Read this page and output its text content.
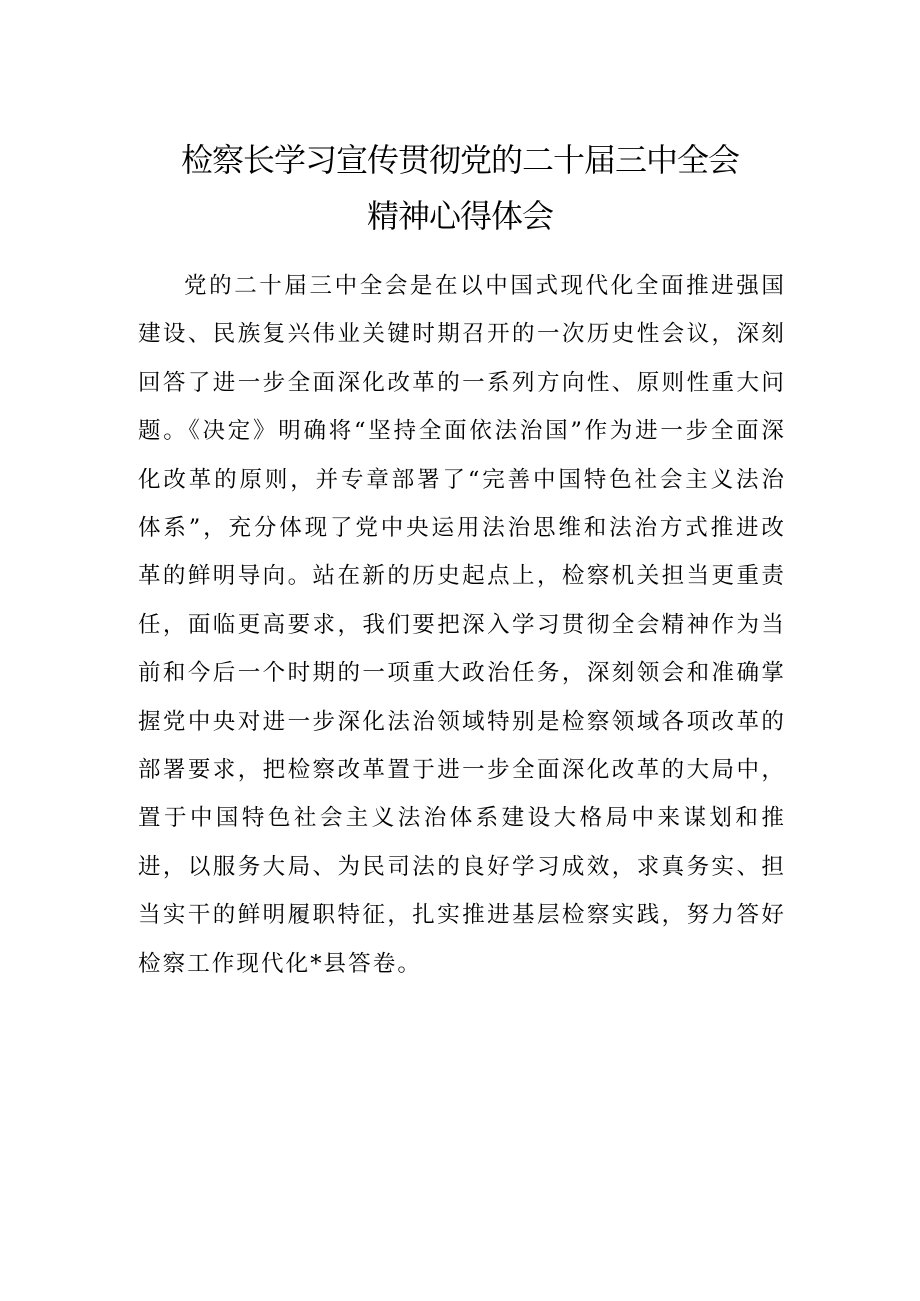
检察长学习宣传贯彻党的二十届三中全会
精神心得体会

党的二十届三中全会是在以中国式现代化全面推进强国建设、民族复兴伟业关键时期召开的一次历史性会议，深刻回答了进一步全面深化改革的一系列方向性、原则性重大问题。《决定》明确将“坚持全面依法治国”作为进一步全面深化改革的原则，并专章部署了“完善中国特色社会主义法治体系”，充分体现了党中央运用法治思维和法治方式推进改革的鲜明导向。站在新的历史起点上，检察机关担当更重责任，面临更高要求，我们要把深入学习贯彻全会精神作为当前和今后一个时期的一项重大政治任务，深刻领会和准确掌握党中央对进一步深化法治领域特别是检察领域各项改革的部署要求，把检察改革置于进一步全面深化改革的大局中，置于中国特色社会主义法治体系建设大格局中来谋划和推进，以服务大局、为民司法的良好学习成效，求真务实、担当实干的鲜明履职特征，扎实推进基层检察实践，努力答好检察工作现代化*县答卷。
